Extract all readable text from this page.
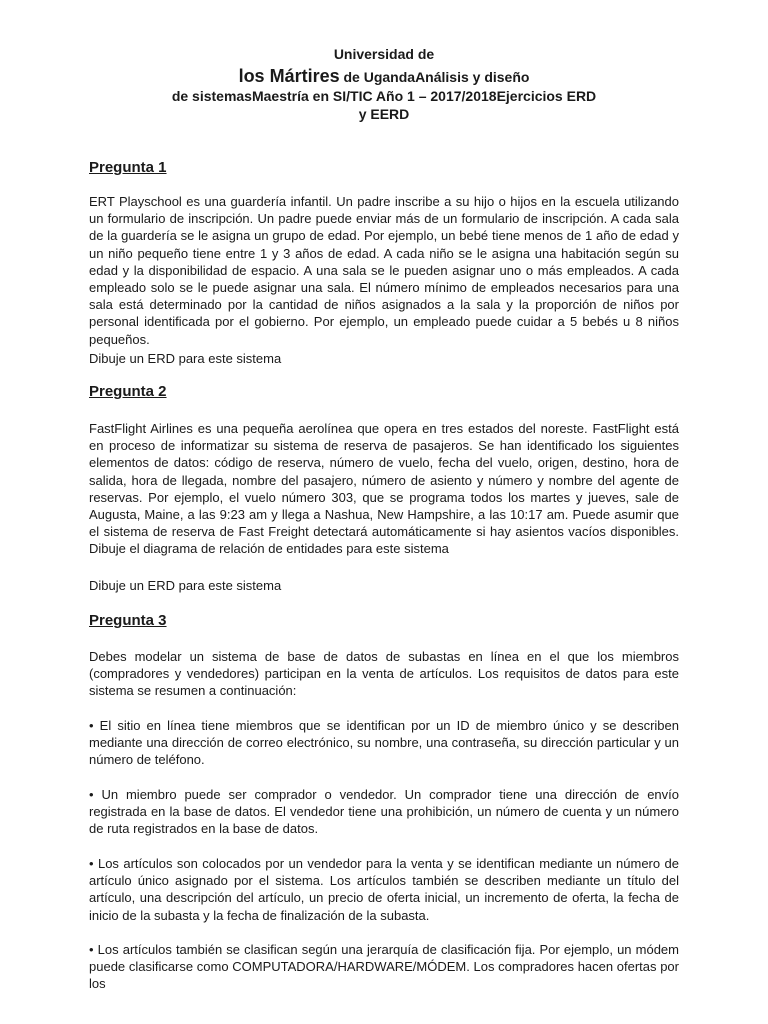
Universidad de

los Mártires de UgandaAnálisis y diseño

de sistemasMaestría en SI/TIC Año 1 – 2017/2018Ejercicios ERD

y EERD

Pregunta 1

ERT Playschool es una guardería infantil. Un padre inscribe a su hijo o hijos en la escuela utilizando un formulario de inscripción. Un padre puede enviar más de un formulario de inscripción. A cada sala de la guardería se le asigna un grupo de edad. Por ejemplo, un bebé tiene menos de 1 año de edad y un niño pequeño tiene entre 1 y 3 años de edad. A cada niño se le asigna una habitación según su edad y la disponibilidad de espacio. A una sala se le pueden asignar uno o más empleados. A cada empleado solo se le puede asignar una sala. El número mínimo de empleados necesarios para una sala está determinado por la cantidad de niños asignados a la sala y la proporción de niños por personal identificada por el gobierno. Por ejemplo, un empleado puede cuidar a 5 bebés u 8 niños pequeños.

Dibuje un ERD para este sistema

Pregunta 2

FastFlight Airlines es una pequeña aerolínea que opera en tres estados del noreste. FastFlight está en proceso de informatizar su sistema de reserva de pasajeros. Se han identificado los siguientes elementos de datos: código de reserva, número de vuelo, fecha del vuelo, origen, destino, hora de salida, hora de llegada, nombre del pasajero, número de asiento y número y nombre del agente de reservas. Por ejemplo, el vuelo número 303, que se programa todos los martes y jueves, sale de Augusta, Maine, a las 9:23 am y llega a Nashua, New Hampshire, a las 10:17 am. Puede asumir que el sistema de reserva de Fast Freight detectará automáticamente si hay asientos vacíos disponibles. Dibuje el diagrama de relación de entidades para este sistema

Dibuje un ERD para este sistema

Pregunta 3

Debes modelar un sistema de base de datos de subastas en línea en el que los miembros (compradores y vendedores) participan en la venta de artículos. Los requisitos de datos para este sistema se resumen a continuación:

• El sitio en línea tiene miembros que se identifican por un ID de miembro único y se describen mediante una dirección de correo electrónico, su nombre, una contraseña, su dirección particular y un número de teléfono.

• Un miembro puede ser comprador o vendedor. Un comprador tiene una dirección de envío registrada en la base de datos. El vendedor tiene una prohibición, un número de cuenta y un número de ruta registrados en la base de datos.

• Los artículos son colocados por un vendedor para la venta y se identifican mediante un número de artículo único asignado por el sistema. Los artículos también se describen mediante un título del artículo, una descripción del artículo, un precio de oferta inicial, un incremento de oferta, la fecha de inicio de la subasta y la fecha de finalización de la subasta.

• Los artículos también se clasifican según una jerarquía de clasificación fija. Por ejemplo, un módem puede clasificarse como COMPUTADORA/HARDWARE/MÓDEM. Los compradores hacen ofertas por los
